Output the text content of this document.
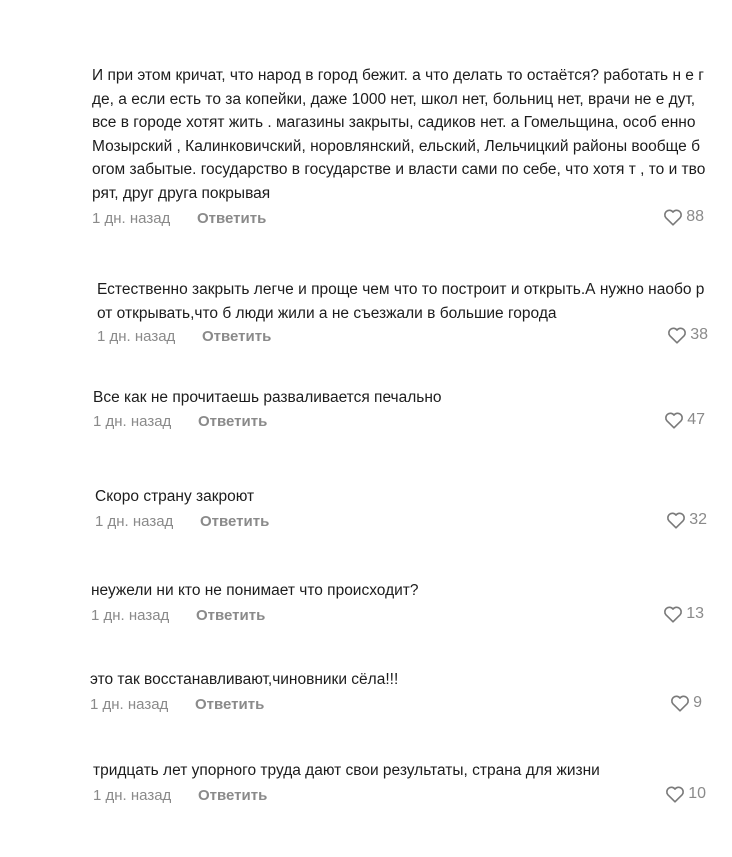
И при этом кричат, что народ в город бежит. а что делать то остаётся? работать н е где, а если есть то за копейки, даже 1000 нет, школ нет, больниц нет, врачи не е дут, все в городе хотят жить . магазины закрыты, садиков нет. а Гомельщина, особ енно Мозырский , Калинковичский, норовлянский, ельский, Лельчицкий районы вообще богом забытые. государство в государстве и власти сами по себе, что хотя т , то и творят, друг друга покрывая
1 дн. назад Ответить	88
Естественно закрыть легче и проще чем что то построит и открыть.А нужно наобо рот открывать,что б люди жили а не съезжали в большие города
1 дн. назад Ответить	38
Все как не прочитаешь разваливается печально
1 дн. назад Ответить	47
Скоро страну закроют
1 дн. назад Ответить	32
неужели ни кто не понимает что происходит?
1 дн. назад Ответить	13
это так восстанавливают,чиновники сёла!!!
1 дн. назад Ответить	9
тридцать лет упорного труда дают свои результаты, страна для жизни
1 дн. назад Ответить	10
